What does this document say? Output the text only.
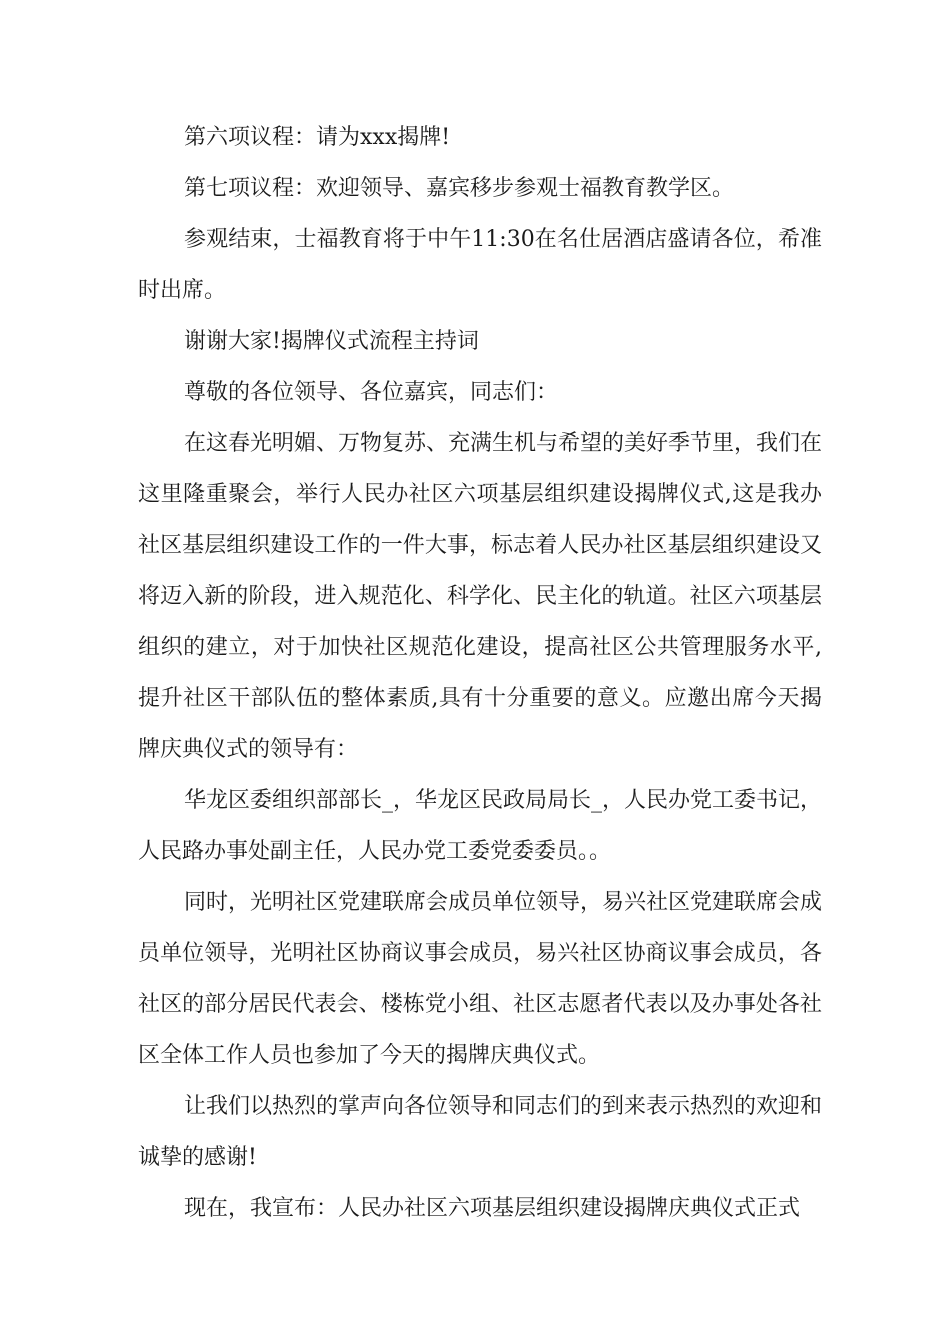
第六项议程：请为xxx揭牌!

第七项议程：欢迎领导、嘉宾移步参观士福教育教学区。

参观结束，士福教育将于中午11:30在名仕居酒店盛请各位，希准时出席。

谢谢大家!揭牌仪式流程主持词

尊敬的各位领导、各位嘉宾，同志们：

在这春光明媚、万物复苏、充满生机与希望的美好季节里，我们在这里隆重聚会，举行人民办社区六项基层组织建设揭牌仪式,这是我办社区基层组织建设工作的一件大事，标志着人民办社区基层组织建设又将迈入新的阶段，进入规范化、科学化、民主化的轨道。社区六项基层组织的建立，对于加快社区规范化建设，提高社区公共管理服务水平,提升社区干部队伍的整体素质,具有十分重要的意义。应邀出席今天揭牌庆典仪式的领导有：

华龙区委组织部部长_，华龙区民政局局长_，人民办党工委书记，人民路办事处副主任，人民办党工委党委委员。。

同时，光明社区党建联席会成员单位领导，易兴社区党建联席会成员单位领导，光明社区协商议事会成员，易兴社区协商议事会成员，各社区的部分居民代表会、楼栋党小组、社区志愿者代表以及办事处各社区全体工作人员也参加了今天的揭牌庆典仪式。

让我们以热烈的掌声向各位领导和同志们的到来表示热烈的欢迎和诚挚的感谢!

现在，我宣布：人民办社区六项基层组织建设揭牌庆典仪式正式
